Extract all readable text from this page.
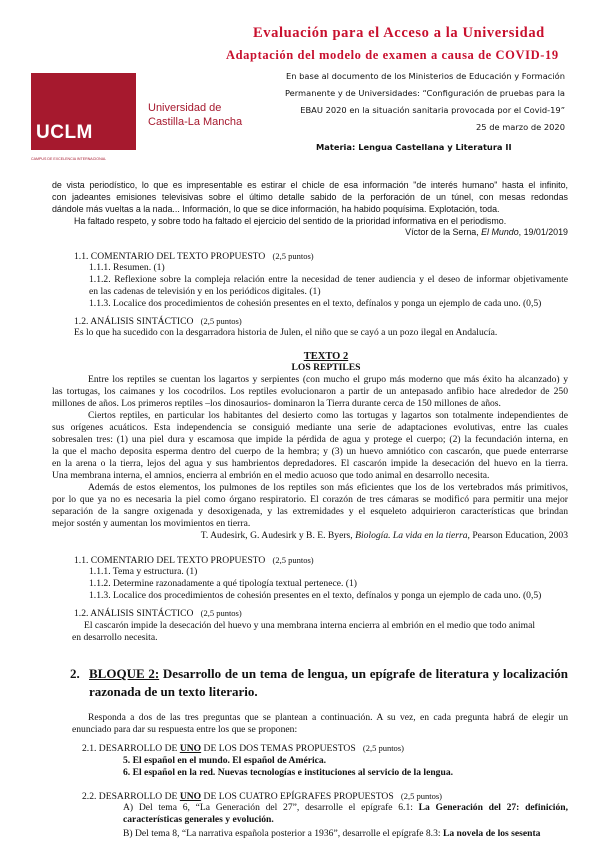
Evaluación para el Acceso a la Universidad
Adaptación del modelo de examen a causa de COVID-19
En base al documento de los Ministerios de Educación y Formación
Permanente y de Universidades: “Configuración de pruebas para la
EBAU 2020 en la situación sanitaria provocada por el Covid-19”
25 de marzo de 2020
Materia: Lengua Castellana y Literatura II
UCLM
CAMPUS DE EXCELENCIA INTERNACIONAL
Universidad de
Castilla-La Mancha
de vista periodístico, lo que es impresentable es estirar el chicle de esa información "de interés humano" hasta el infinito,
con jadeantes emisiones televisivas sobre el último detalle sabido de la perforación de un túnel, con mesas redondas
dándole más vueltas a la nada... Información, lo que se dice información, ha habido poquísima. Explotación, toda.
Ha faltado respeto, y sobre todo ha faltado el ejercicio del sentido de la prioridad informativa en el periodismo.
Víctor de la Serna, El Mundo, 19/01/2019
1.1. COMENTARIO DEL TEXTO PROPUESTO (2,5 puntos)
1.1.1. Resumen. (1)
1.1.2. Reflexione sobre la compleja relación entre la necesidad de tener audiencia y el deseo de informar objetivamente
en las cadenas de televisión y en los periódicos digitales. (1)
1.1.3. Localice dos procedimientos de cohesión presentes en el texto, defínalos y ponga un ejemplo de cada uno. (0,5)
1.2. ANÁLISIS SINTÁCTICO (2,5 puntos)
Es lo que ha sucedido con la desgarradora historia de Julen, el niño que se cayó a un pozo ilegal en Andalucía.
TEXTO 2
LOS REPTILES
Entre los reptiles se cuentan los lagartos y serpientes (con mucho el grupo más moderno que más éxito ha alcanzado) y
las tortugas, los caimanes y los cocodrilos. Los reptiles evolucionaron a partir de un antepasado anfibio hace alrededor de 250
millones de años. Los primeros reptiles –los dinosaurios- dominaron la Tierra durante cerca de 150 millones de años.
Ciertos reptiles, en particular los habitantes del desierto como las tortugas y lagartos son totalmente independientes de
sus orígenes acuáticos. Esta independencia se consiguió mediante una serie de adaptaciones evolutivas, entre las cuales
sobresalen tres: (1) una piel dura y escamosa que impide la pérdida de agua y protege el cuerpo; (2) la fecundación interna, en
la que el macho deposita esperma dentro del cuerpo de la hembra; y (3) un huevo amniótico con cascarón, que puede enterrarse
en la arena o la tierra, lejos del agua y sus hambrientos depredadores. El cascarón impide la desecación del huevo en la tierra.
Una membrana interna, el amnios, encierra al embrión en el medio acuoso que todo animal en desarrollo necesita.
Además de estos elementos, los pulmones de los reptiles son más eficientes que los de los vertebrados más primitivos,
por lo que ya no es necesaria la piel como órgano respiratorio. El corazón de tres cámaras se modificó para permitir una mejor
separación de la sangre oxigenada y desoxigenada, y las extremidades y el esqueleto adquirieron características que brindan
mejor sostén y aumentan los movimientos en tierra.
T. Audesirk, G. Audesirk y B. E. Byers, Biología. La vida en la tierra, Pearson Education, 2003
1.1. COMENTARIO DEL TEXTO PROPUESTO (2,5 puntos)
1.1.1. Tema y estructura. (1)
1.1.2. Determine razonadamente a qué tipología textual pertenece. (1)
1.1.3. Localice dos procedimientos de cohesión presentes en el texto, defínalos y ponga un ejemplo de cada uno. (0,5)
1.2. ANÁLISIS SINTÁCTICO (2,5 puntos)
El cascarón impide la desecación del huevo y una membrana interna encierra al embrión en el medio que todo animal
en desarrollo necesita.
2. BLOQUE 2: Desarrollo de un tema de lengua, un epígrafe de literatura y localización
razonada de un texto literario.
Responda a dos de las tres preguntas que se plantean a continuación. A su vez, en cada pregunta habrá de elegir un
enunciado para dar su respuesta entre los que se proponen:
2.1. DESARROLLO DE UNO DE LOS DOS TEMAS PROPUESTOS (2,5 puntos)
5. El español en el mundo. El español de América.
6. El español en la red. Nuevas tecnologías e instituciones al servicio de la lengua.
2.2. DESARROLLO DE UNO DE LOS CUATRO EPÍGRAFES PROPUESTOS (2,5 puntos)
A) Del tema 6, “La Generación del 27”, desarrolle el epígrafe 6.1: La Generación del 27: definición,
características generales y evolución.
B) Del tema 8, “La narrativa española posterior a 1936”, desarrolle el epígrafe 8.3: La novela de los sesenta
